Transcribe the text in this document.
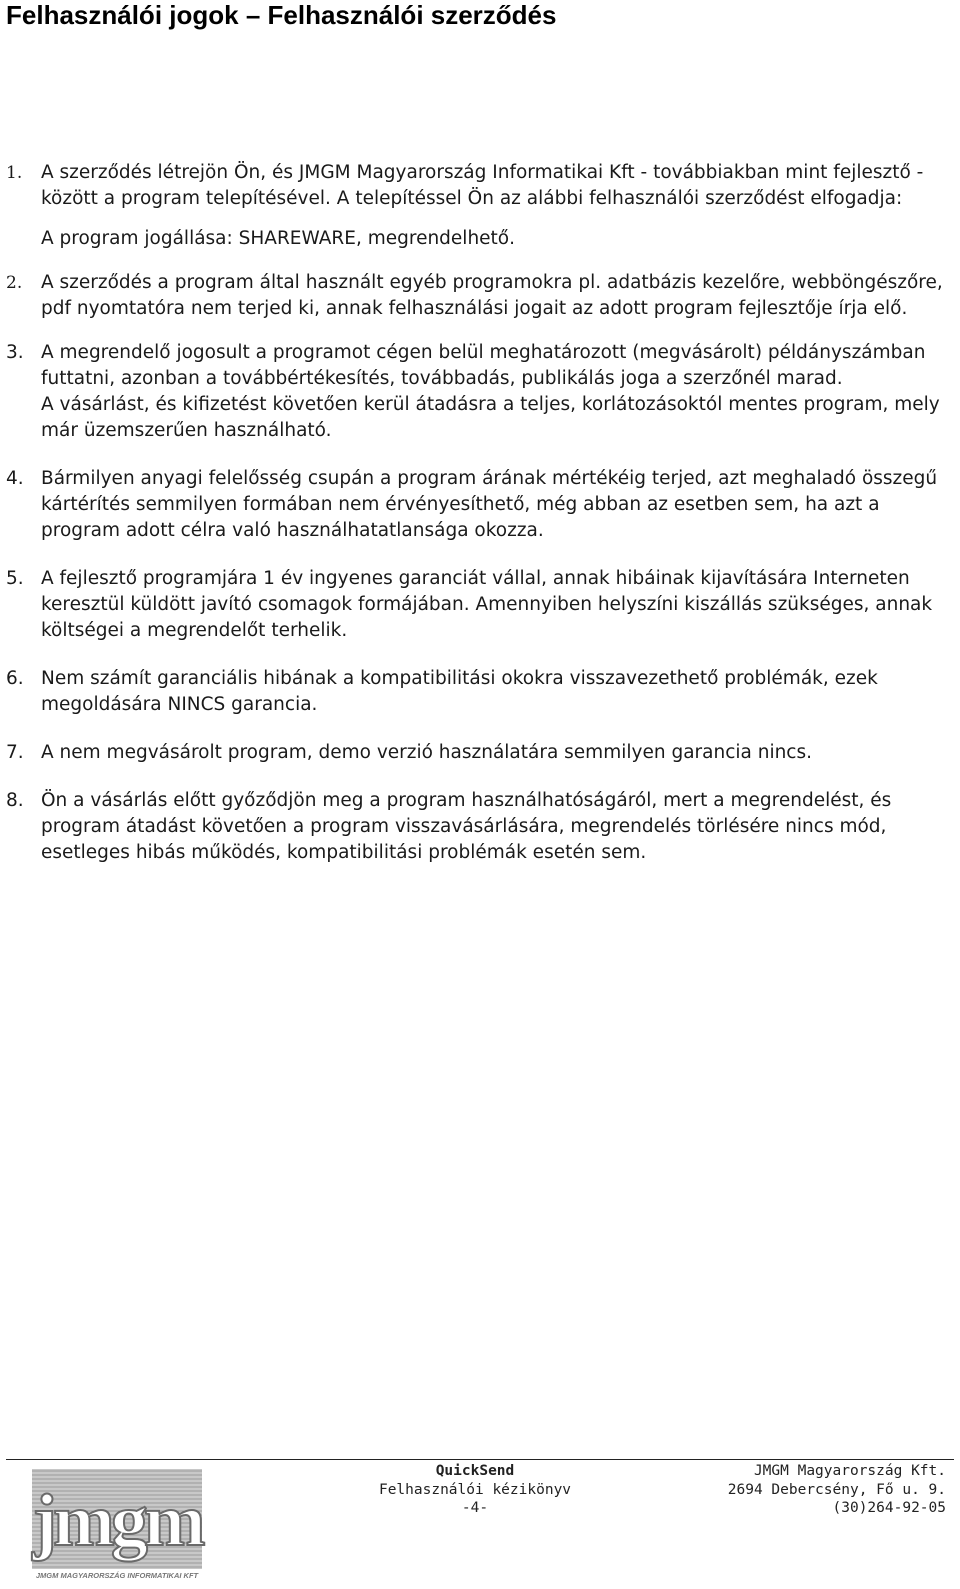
Felhasználói jogok – Felhasználói szerződés
1.	A szerződés létrejön Ön, és JMGM Magyarország Informatikai Kft - továbbiakban mint fejlesztő - között a program telepítésével. A telepítéssel Ön az alábbi felhasználói szerződést elfogadja:

A program jogállása: SHAREWARE, megrendelhető.

2.	A szerződés a program által használt egyéb programokra pl. adatbázis kezelőre, webböngészőre, pdf nyomtatóra nem terjed ki, annak felhasználási jogait az adott program fejlesztője írja elő.

3. A megrendelő jogosult a programot cégen belül meghatározott (megvásárolt) példányszámban futtatni, azonban a továbbértékesítés, továbbadás, publikálás joga a szerzőnél marad.

A vásárlást, és kifizetést követően kerül átadásra a teljes, korlátozásoktól mentes program, mely már üzemszerűen használható.

4. Bármilyen anyagi felelősség csupán a program árának mértékéig terjed, azt meghaladó összegű kártérítés semmilyen formában nem érvényesíthető, még abban az esetben sem, ha azt a program adott célra való használhatatlansága okozza.

5. A fejlesztő programjára 1 év ingyenes garanciát vállal, annak hibáinak kijavítására Interneten keresztül küldött javító csomagok formájában. Amennyiben helyszíni kiszállás szükséges, annak költségei a megrendelőt terhelik.

6. Nem számít garanciális hibának a kompatibilitási okokra visszavezethető problémák, ezek megoldására NINCS garancia.

7. A nem megvásárolt program, demo verzió használatára semmilyen garancia nincs.

8. Ön a vásárlás előtt győződjön meg a program használhatóságáról, mert a megrendelést, és program átadást követően a program visszavásárlására, megrendelés törlésére nincs mód, esetleges hibás működés, kompatibilitási problémák esetén sem.

jmgm
JMGM MAGYARORSZÁG INFORMATIKAI KFT
QuickSend
Felhasználói kézikönyv
-4-
JMGM Magyarország Kft.
2694 Debercsény, Fő u. 9.
(30)264-92-05
